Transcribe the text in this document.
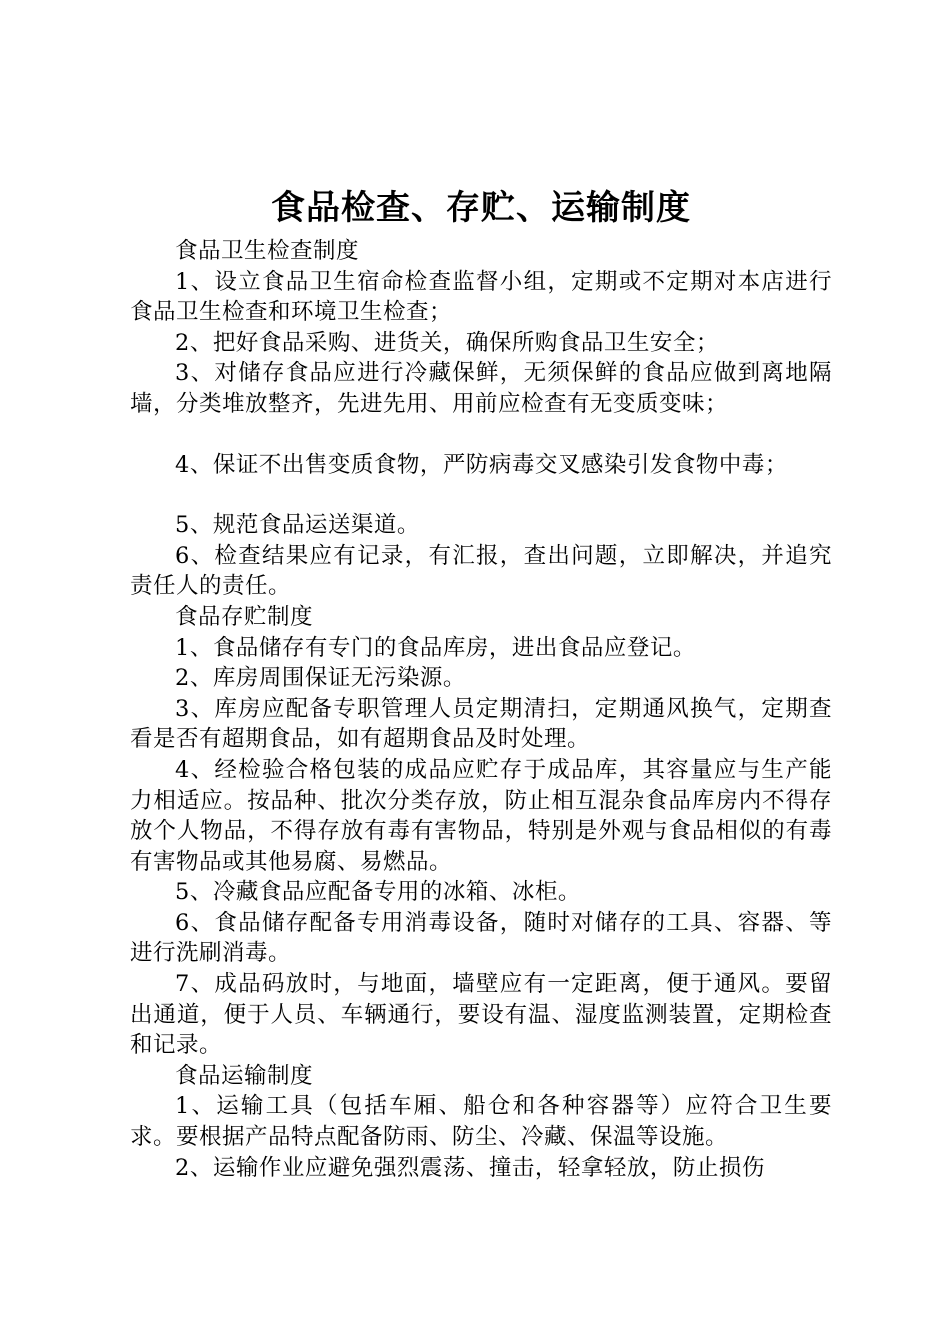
食品检查、存贮、运输制度

食品卫生检查制度

1、设立食品卫生宿命检查监督小组，定期或不定期对本店进行食品卫生检查和环境卫生检查；

2、把好食品采购、进货关，确保所购食品卫生安全；

3、对储存食品应进行冷藏保鲜，无须保鲜的食品应做到离地隔墙，分类堆放整齐，先进先用、用前应检查有无变质变味；

4、保证不出售变质食物，严防病毒交叉感染引发食物中毒；

5、规范食品运送渠道。

6、检查结果应有记录，有汇报，查出问题，立即解决，并追究责任人的责任。

食品存贮制度

1、食品储存有专门的食品库房，进出食品应登记。

2、库房周围保证无污染源。

3、库房应配备专职管理人员定期清扫，定期通风换气，定期查看是否有超期食品，如有超期食品及时处理。

4、经检验合格包装的成品应贮存于成品库，其容量应与生产能力相适应。按品种、批次分类存放，防止相互混杂食品库房内不得存放个人物品，不得存放有毒有害物品，特别是外观与食品相似的有毒有害物品或其他易腐、易燃品。

5、冷藏食品应配备专用的冰箱、冰柜。

6、食品储存配备专用消毒设备，随时对储存的工具、容器、等进行洗刷消毒。

7、成品码放时，与地面，墙壁应有一定距离，便于通风。要留出通道，便于人员、车辆通行，要设有温、湿度监测装置，定期检查和记录。

食品运输制度

1、运输工具（包括车厢、船仓和各种容器等）应符合卫生要求。要根据产品特点配备防雨、防尘、冷藏、保温等设施。

2、运输作业应避免强烈震荡、撞击，轻拿轻放，防止损伤
